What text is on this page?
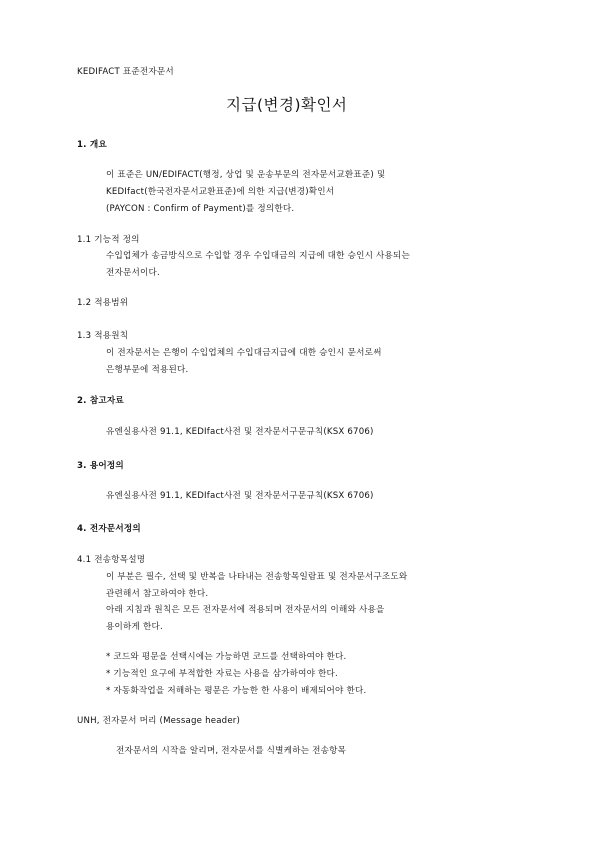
KEDIFACT 표준전자문서
지급(변경)확인서
1. 개요
이 표준은 UN/EDIFACT(행정, 상업 및 운송부문의 전자문서교환표준) 및
KEDIfact(한국전자문서교환표준)에 의한 지급(변경)확인서
(PAYCON : Confirm of Payment)를 정의한다.
1.1 기능적 정의
수입업체가 송금방식으로 수입할 경우 수입대금의 지급에 대한 승인시 사용되는
전자문서이다.
1.2 적용범위
1.3 적용원칙
이 전자문서는 은행이 수입업체의 수입대금지급에 대한 승인시 문서로써
은행부문에 적용된다.
2. 참고자료
유엔실용사전 91.1, KEDIfact사전 및 전자문서구문규칙(KSX 6706)
3. 용어정의
유엔실용사전 91.1, KEDIfact사전 및 전자문서구문규칙(KSX 6706)
4. 전자문서정의
4.1 전송항목설명
이 부분은 필수, 선택 및 반복을 나타내는 전송항목일람표 및 전자문서구조도와
관련해서 참고하여야 한다.
아래 지침과 원칙은 모든 전자문서에 적용되며 전자문서의 이해와 사용을
용이하게 한다.
* 코드와 평문을 선택시에는 가능하면 코드를 선택하여야 한다.
* 기능적인 요구에 부적합한 자료는 사용을 삼가하여야 한다.
* 자동화작업을 저해하는 평문은 가능한 한 사용이 배제되어야 한다.
UNH, 전자문서 머리 (Message header)
전자문서의 시작을 알리며, 전자문서를 식별케하는 전송항목
